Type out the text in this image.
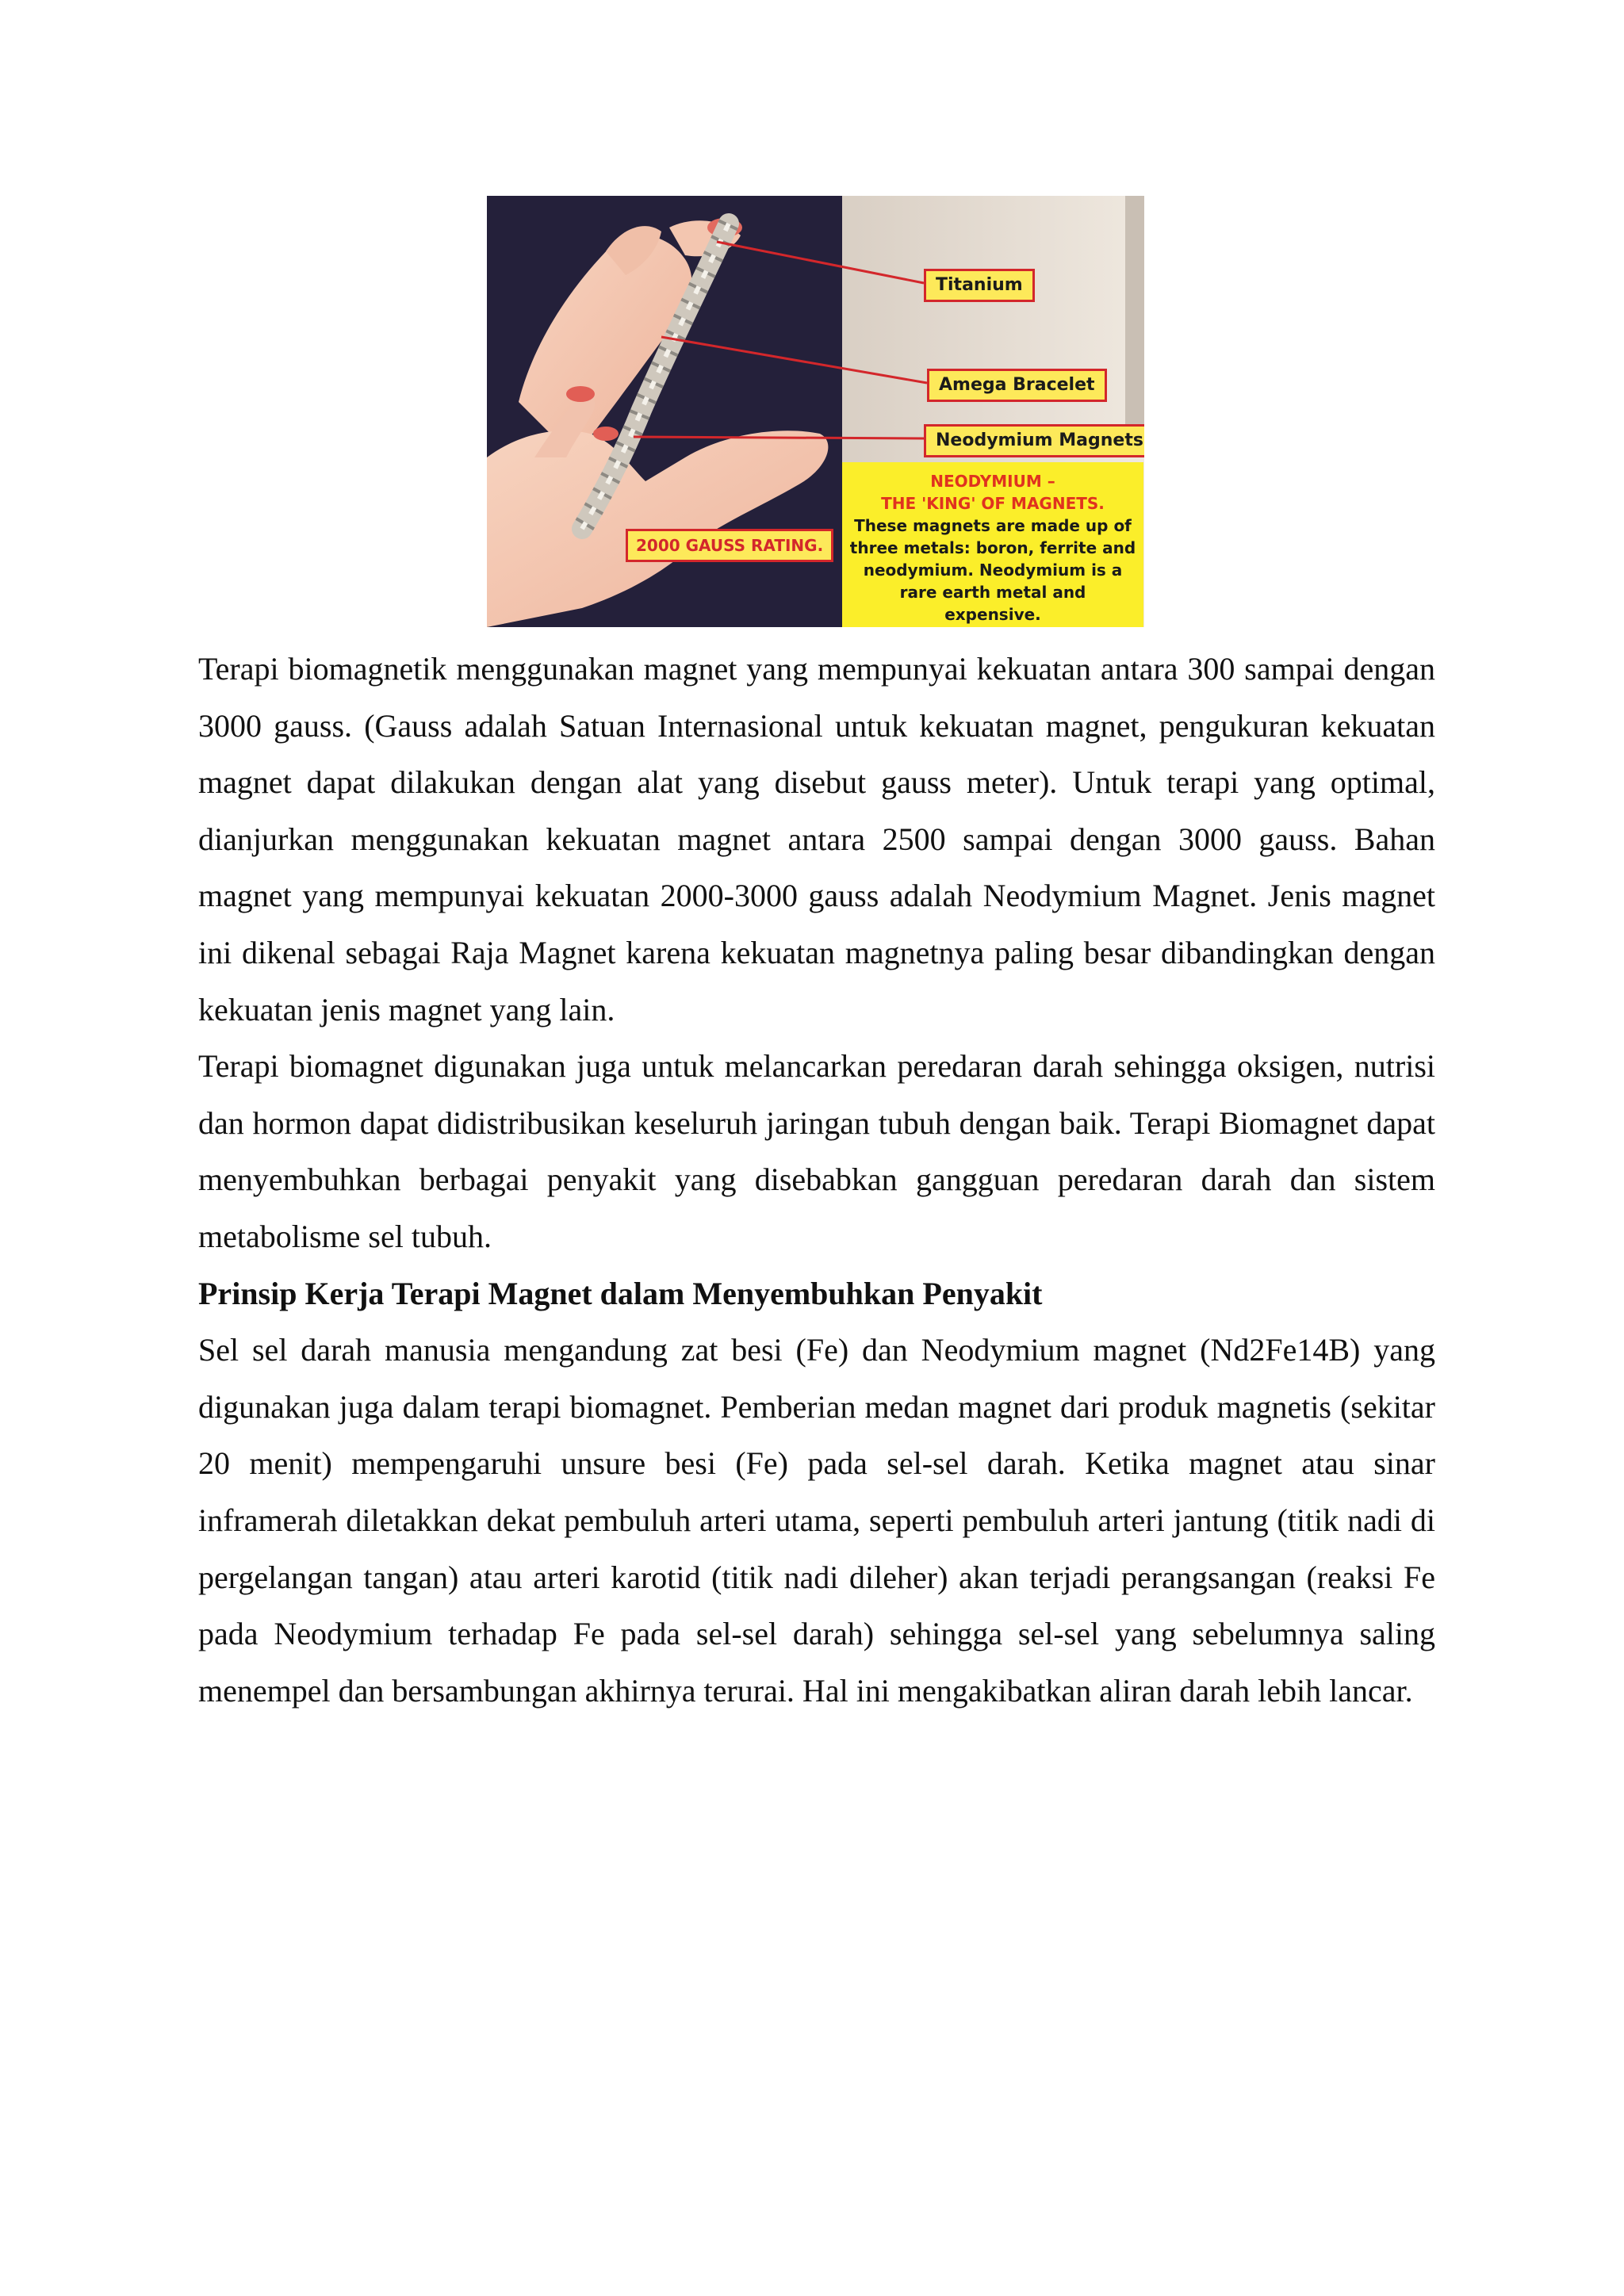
Titanium
Amega Bracelet
Neodymium Magnets
2000 GAUSS RATING.
NEODYMIUM –
THE 'KING' OF MAGNETS.
These magnets are made up of
three metals: boron, ferrite and
neodymium. Neodymium is a
rare earth metal and
expensive.

Terapi biomagnetik menggunakan magnet yang mempunyai kekuatan antara 300 sampai dengan 3000 gauss. (Gauss adalah Satuan Internasional untuk kekuatan magnet, pengukuran kekuatan magnet dapat dilakukan dengan alat yang disebut gauss meter). Untuk terapi yang optimal, dianjurkan menggunakan kekuatan magnet antara 2500 sampai dengan 3000 gauss. Bahan magnet yang mempunyai kekuatan 2000-3000 gauss adalah Neodymium Magnet. Jenis magnet ini dikenal sebagai Raja Magnet karena kekuatan magnetnya paling besar dibandingkan dengan kekuatan jenis magnet yang lain.

Terapi biomagnet digunakan juga untuk melancarkan peredaran darah sehingga oksigen, nutrisi dan hormon dapat didistribusikan keseluruh jaringan tubuh dengan baik. Terapi Biomagnet dapat menyembuhkan berbagai penyakit yang disebabkan gangguan peredaran darah dan sistem metabolisme sel tubuh.

Prinsip Kerja Terapi Magnet dalam Menyembuhkan Penyakit

Sel sel darah manusia mengandung zat besi (Fe) dan Neodymium magnet (Nd2Fe14B) yang digunakan juga dalam terapi biomagnet. Pemberian medan magnet dari produk magnetis (sekitar 20 menit) mempengaruhi unsure besi (Fe) pada sel-sel darah. Ketika magnet atau sinar inframerah diletakkan dekat pembuluh arteri utama, seperti pembuluh arteri jantung (titik nadi di pergelangan tangan) atau arteri karotid (titik nadi dileher) akan terjadi perangsangan (reaksi Fe pada Neodymium terhadap Fe pada sel-sel darah) sehingga sel-sel yang sebelumnya saling menempel dan bersambungan akhirnya terurai. Hal ini mengakibatkan aliran darah lebih lancar.
